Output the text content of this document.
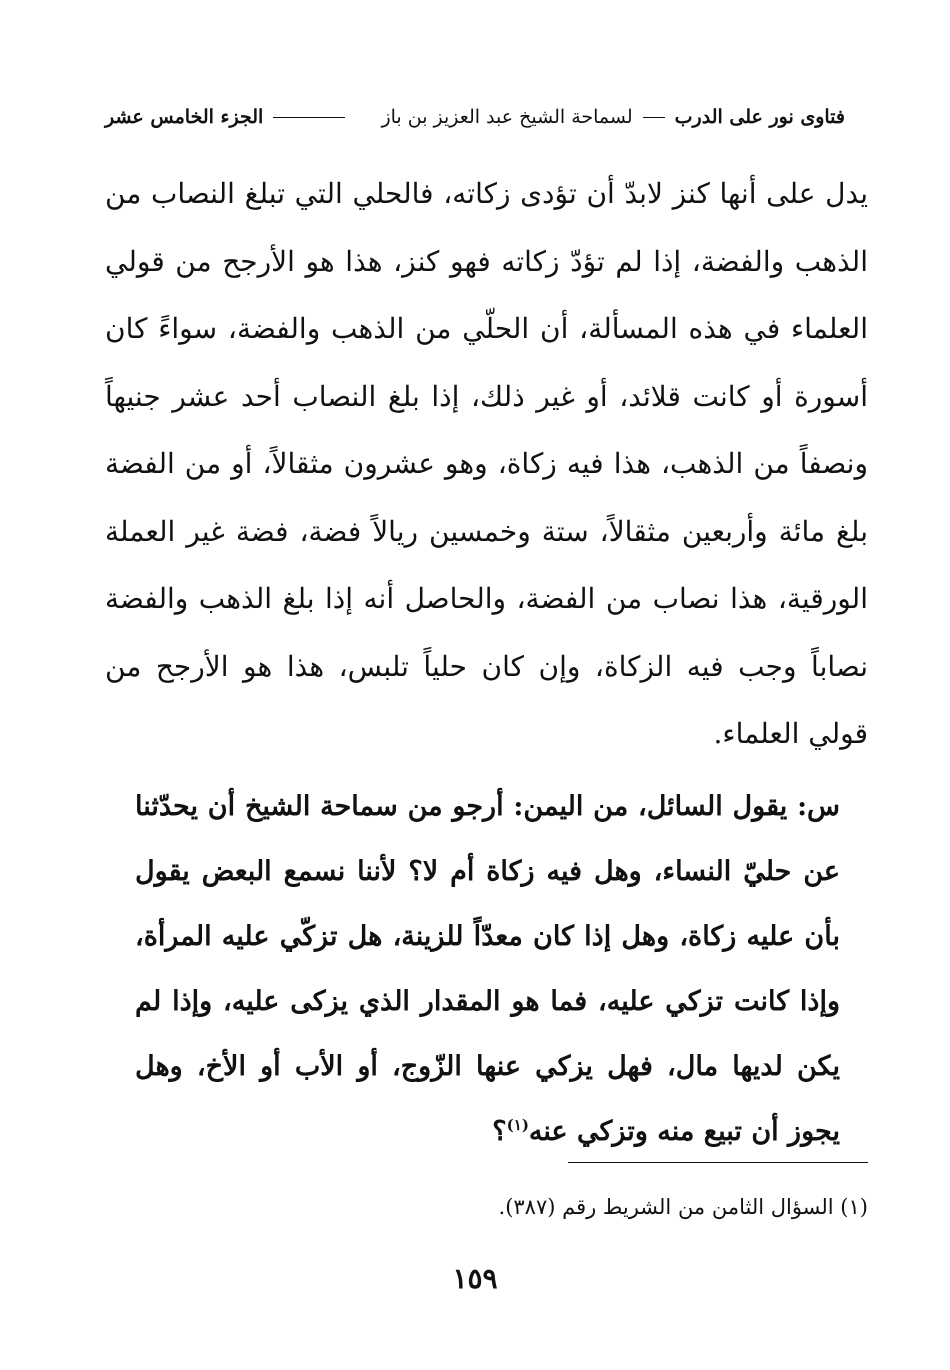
فتاوى نور على الدرب
لسماحة الشيخ عبد العزيز بن باز
الجزء الخامس عشر

يدل على أنها كنز لابدّ أن تؤدى زكاته، فالحلي التي تبلغ النصاب من الذهب والفضة، إذا لم تؤدّ زكاته فهو كنز، هذا هو الأرجح من قولي العلماء في هذه المسألة، أن الحلّي من الذهب والفضة، سواءً كان أسورة أو كانت قلائد، أو غير ذلك، إذا بلغ النصاب أحد عشر جنيهاً ونصفاً من الذهب، هذا فيه زكاة، وهو عشرون مثقالاً، أو من الفضة بلغ مائة وأربعين مثقالاً، ستة وخمسين ريالاً فضة، فضة غير العملة الورقية، هذا نصاب من الفضة، والحاصل أنه إذا بلغ الذهب والفضة نصاباً وجب فيه الزكاة، وإن كان حلياً تلبس، هذا هو الأرجح من قولي العلماء.

س: يقول السائل، من اليمن: أرجو من سماحة الشيخ أن يحدّثنا عن حليّ النساء، وهل فيه زكاة أم لا؟ لأننا نسمع البعض يقول بأن عليه زكاة، وهل إذا كان معدّاً للزينة، هل تزكّي عليه المرأة، وإذا كانت تزكي عليه، فما هو المقدار الذي يزكى عليه، وإذا لم يكن لديها مال، فهل يزكي عنها الزّوج، أو الأب أو الأخ، وهل يجوز أن تبيع منه وتزكي عنه$^{(١)}$؟

(١) السؤال الثامن من الشريط رقم (٣٨٧).
١٥٩
